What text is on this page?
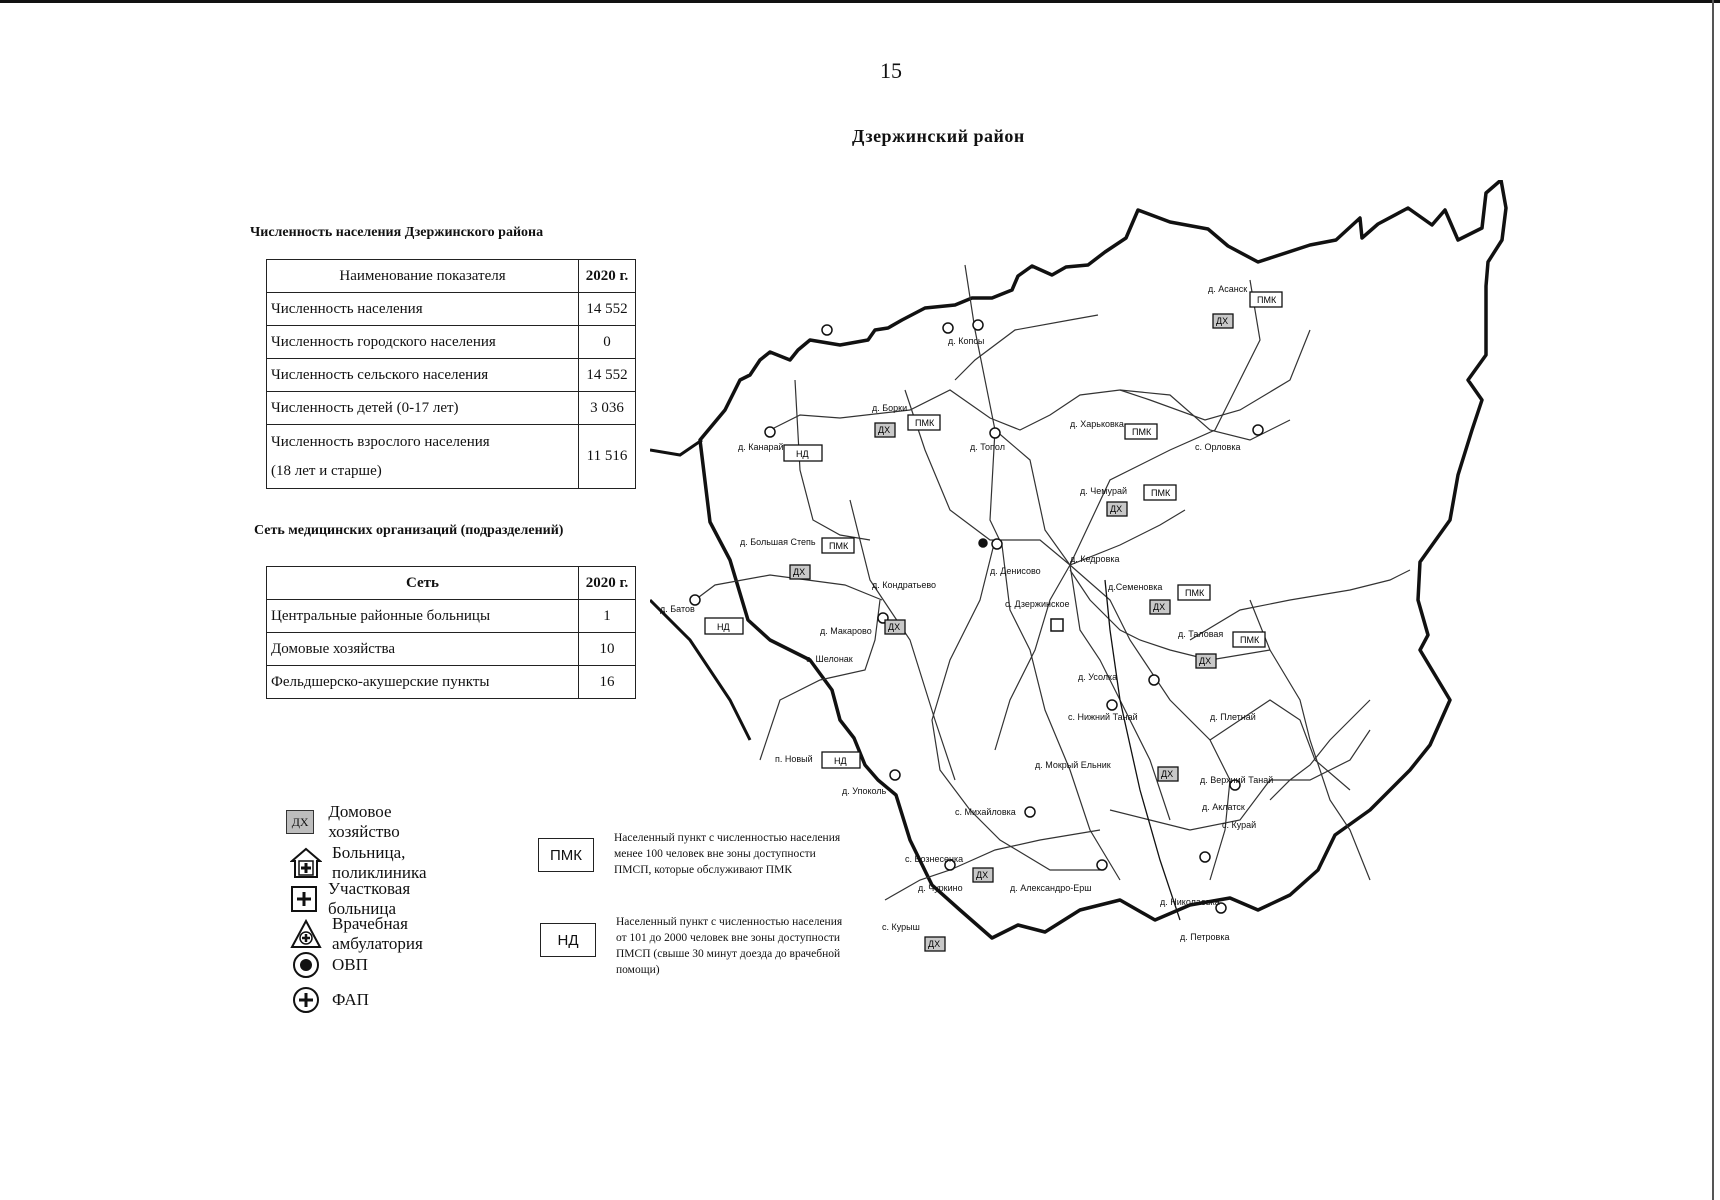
15
Дзержинский район
Численность населения Дзержинского района
Наименование показателя	2020 г.
Численность населения	14 552
Численность городского населения	0
Численность сельского населения	14 552
Численность детей (0-17 лет)	3 036

Численность взрослого населения
(18 лет и старше)	11 516
Сеть медицинских организаций (подразделений)
Сеть	2020 г.
Центральные районные больницы	1
Домовые хозяйства	10
Фельдшерско-акушерские пункты	16
ДХ
Домовое хозяйство
Больница, поликлиника
Участковая больница
Врачебная амбулатория
ОВП
ФАП
ПМК
Населенный пункт с численностью населения менее 100 человек вне зоны доступности ПМСП, которые обслуживают ПМК
НД
Населенный пункт с численностью населения от 101 до 2000 человек вне зоны доступности ПМСП (свыше 30 минут доезда до врачебной помощи)
д. Асанск
д. Копсы
д. Борки
д. Канарай	д. Топол
д. Харьковка
с. Орловка
д. Чемурай
д. Большая Степь
д. Кедровка
д. Денисово
д. Кондратьево
с. Дзержинское
д.Семеновка
д. Батов
д. Макарово
с. Шелонак
д. Таловая
д. Усолка
с. Нижний Танай	д. Плетнай
п. Новый
д. Мокрый Ельник
д. Упоколь
д. Верхний Танай
с. Михайловка	д. Аклатск
с. Курай
с. Вознесенка
д. Чуркино	д. Александро-Ерш
д. Николаевка
с. Курыш
д. Петровка
ПМК
ДХ
ПМК
ДХ
НД
ПМК
ПМК
ДХ
ПМК
ДХ
ПМК
ДХ
НД	ДХ
ПМК
ДХ
НД
ДХ
ДХ
ДХ
